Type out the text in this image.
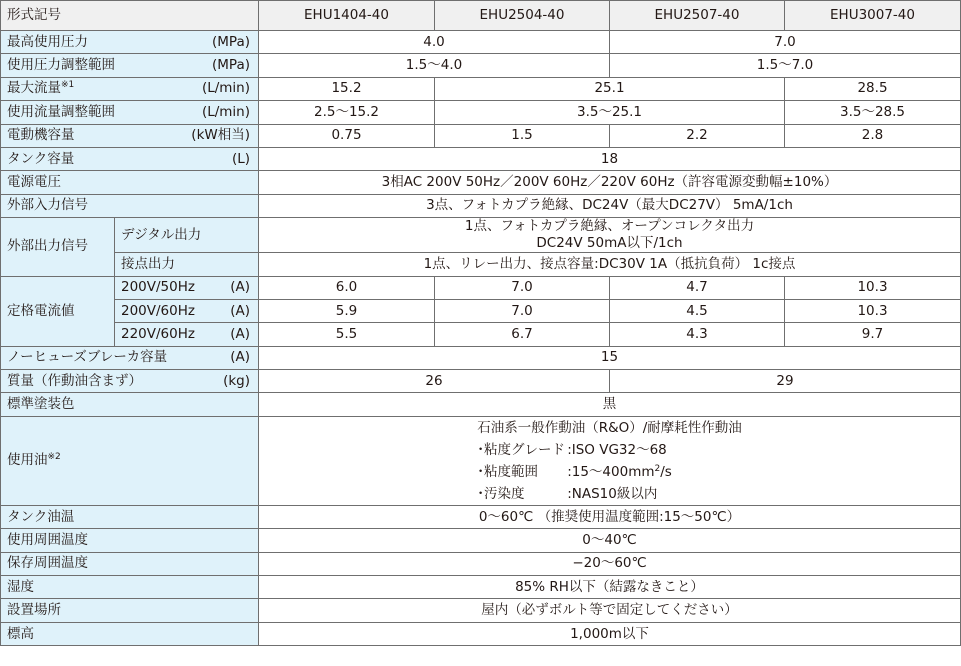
形式記号		EHU1404-40	EHU2504-40	EHU2507-40	EHU3007-40

最高使用圧力 (MPa)		4.0		7.0	

使用圧力調整範囲 (MPa)		1.5〜4.0		1.5〜7.0	

最大流量$^{※1}$ (L/min)		15.2	25.1		28.5

使用流量調整範囲 (L/min)		2.5〜15.2	3.5〜25.1		3.5〜28.5

電動機容量 (kW相当)		0.75	1.5	2.2	2.8

タンク容量 (L)		18			
電源電圧		3相AC 200V 50Hz／200V 60Hz／220V 60Hz（許容電源変動幅±10%）			
外部入力信号		3点、フォトカプラ絶縁、DC24V（最大DC27V） 5mA/1ch			
外部出力信号	デジタル出力	1点、フォトカプラ絶縁、オープンコレクタ出力
DC24V 50mA以下/1ch			

	接点出力	1点、リレー出力、接点容量:DC30V 1A（抵抗負荷） 1c接点			
定格電流値	200V/50Hz (A)	6.0	7.0	4.7	10.3

	200V/60Hz (A)	5.9	7.0	4.5	10.3

	220V/60Hz (A)	5.5	6.7	4.3	9.7

ノーヒューズブレーカ容量 (A)		15			

質量（作動油含まず） (kg)		26		29	
標準塗装色		黒			
使用油$^{※2}$		石油系一般作動油（R&O）/耐摩耗性作動油
･粘度グレード :ISO VG32〜68
･粘度範囲 :15〜$400mm^2/s$
･汚染度 :NAS10級以内			

タンク油温		0〜60℃ （推奨使用温度範囲:15〜50℃）			
使用周囲温度		0〜40℃			
保存周囲温度		−20〜60℃			
湿度		85% RH以下（結露なきこと）			
設置場所		屋内（必ずボルト等で固定してください）			
標高		1,000m以下			
